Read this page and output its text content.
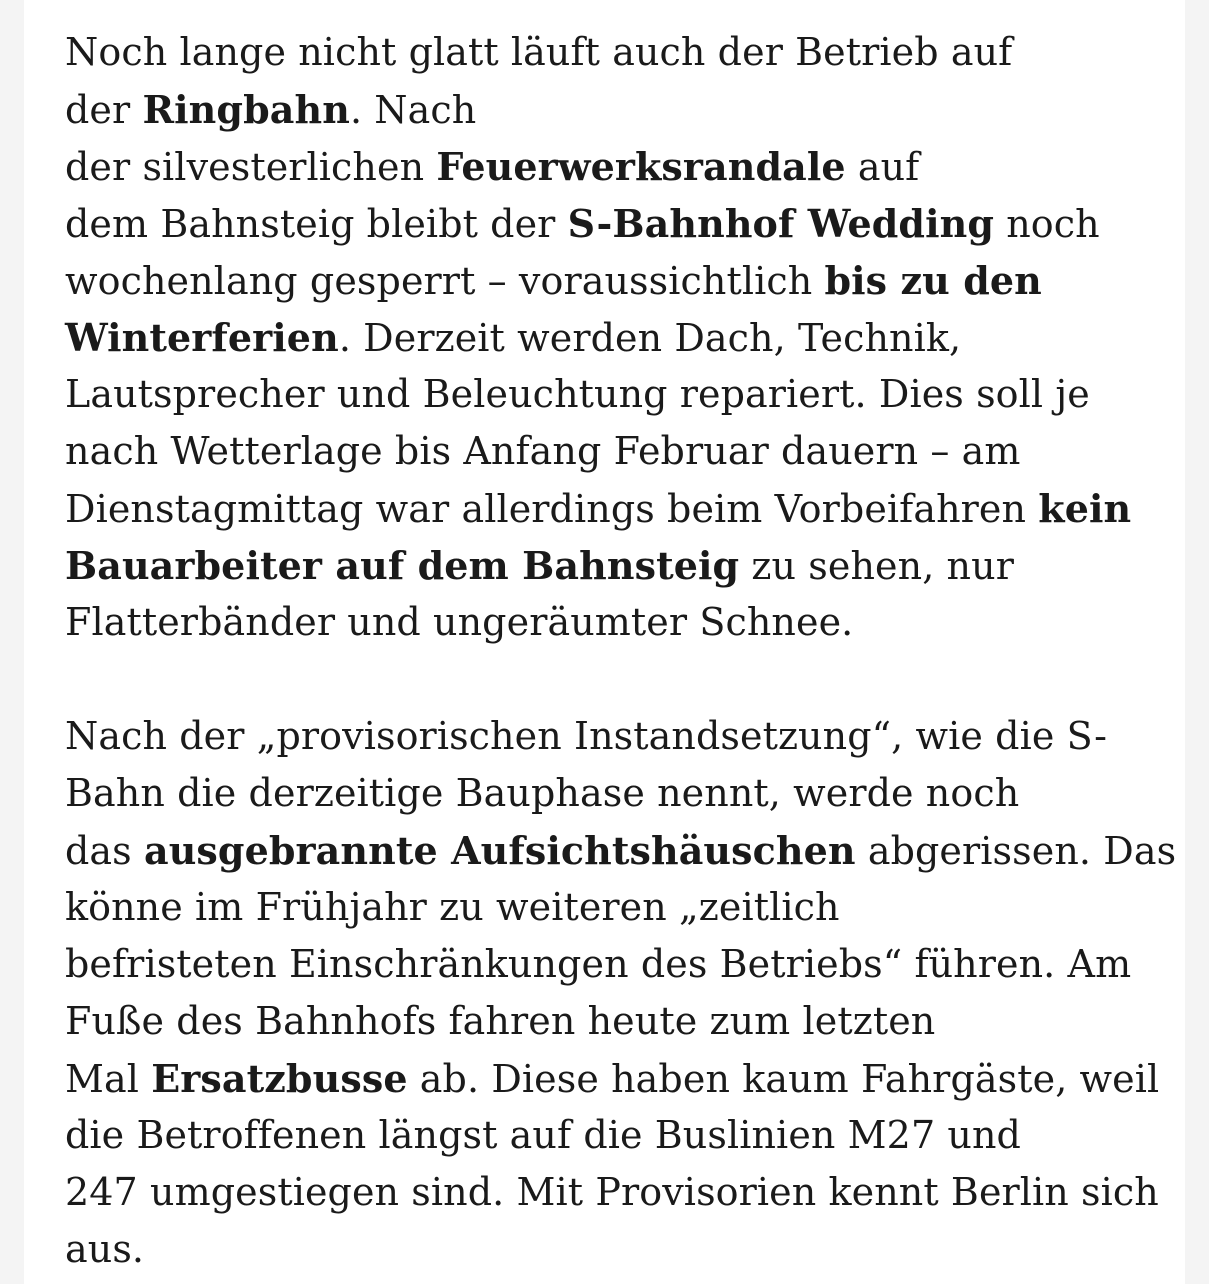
Noch lange nicht glatt läuft auch der Betrieb auf
der Ringbahn. Nach
der silvesterlichen Feuerwerksrandale auf
dem Bahnsteig bleibt der S-Bahnhof Wedding noch
wochenlang gesperrt – voraussichtlich bis zu den
Winterferien. Derzeit werden Dach, Technik,
Lautsprecher und Beleuchtung repariert. Dies soll je
nach Wetterlage bis Anfang Februar dauern – am
Dienstagmittag war allerdings beim Vorbeifahren kein
Bauarbeiter auf dem Bahnsteig zu sehen, nur
Flatterbänder und ungeräumter Schnee.
Nach der „provisorischen Instandsetzung“, wie die S-
Bahn die derzeitige Bauphase nennt, werde noch
das ausgebrannte Aufsichtshäuschen abgerissen. Das
könne im Frühjahr zu weiteren „zeitlich
befristeten Einschränkungen des Betriebs“ führen. Am
Fuße des Bahnhofs fahren heute zum letzten
Mal Ersatzbusse ab. Diese haben kaum Fahrgäste, weil
die Betroffenen längst auf die Buslinien M27 und
247 umgestiegen sind. Mit Provisorien kennt Berlin sich
aus.
